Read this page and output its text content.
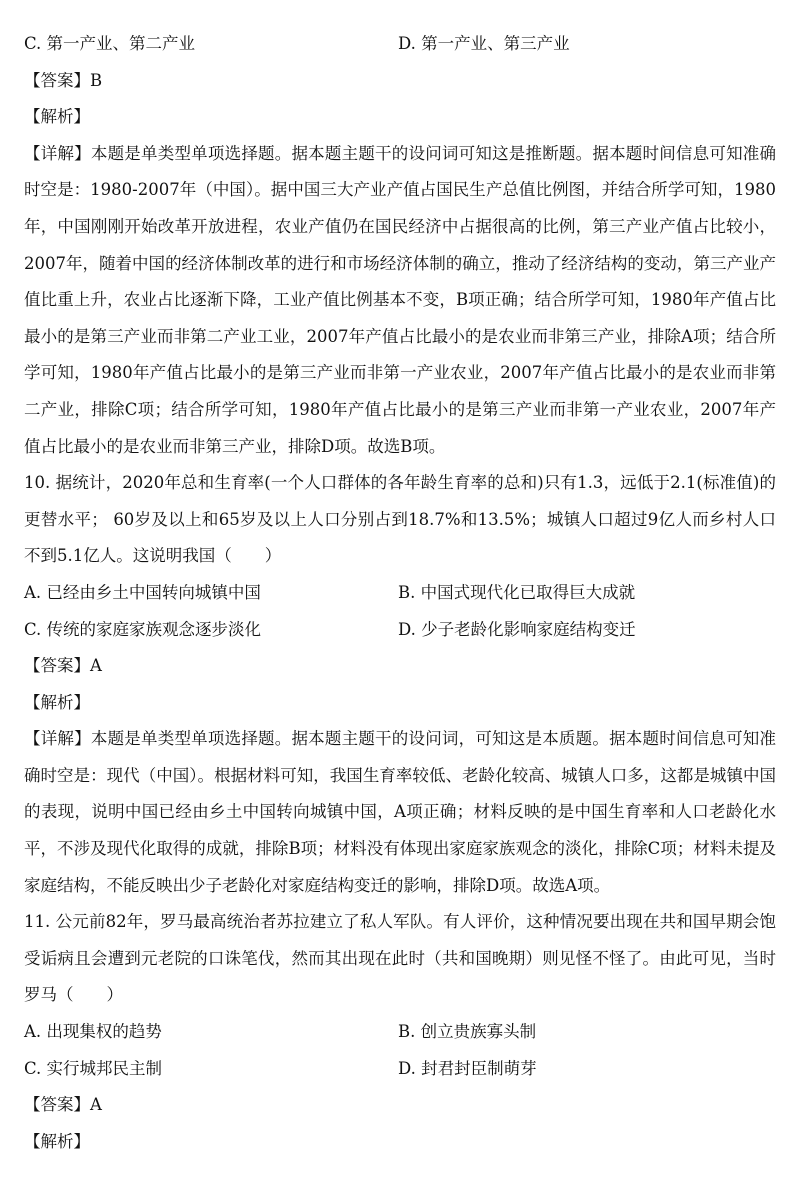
C. 第一产业、第二产业	D. 第一产业、第三产业
【答案】B
【解析】
【详解】本题是单类型单项选择题。据本题主题干的设问词可知这是推断题。据本题时间信息可知准确时空是：1980-2007年（中国）。据中国三大产业产值占国民生产总值比例图，并结合所学可知，1980年，中国刚刚开始改革开放进程，农业产值仍在国民经济中占据很高的比例，第三产业产值占比较小，2007年，随着中国的经济体制改革的进行和市场经济体制的确立，推动了经济结构的变动，第三产业产值比重上升，农业占比逐渐下降，工业产值比例基本不变，B项正确；结合所学可知，1980年产值占比最小的是第三产业而非第二产业工业，2007年产值占比最小的是农业而非第三产业，排除A项；结合所学可知，1980年产值占比最小的是第三产业而非第一产业农业，2007年产值占比最小的是农业而非第二产业，排除C项；结合所学可知，1980年产值占比最小的是第三产业而非第一产业农业，2007年产值占比最小的是农业而非第三产业，排除D项。故选B项。
10. 据统计，2020年总和生育率(一个人口群体的各年龄生育率的总和)只有1.3，远低于2.1(标准值)的更替水平； 60岁及以上和65岁及以上人口分别占到18.7%和13.5%；城镇人口超过9亿人而乡村人口不到5.1亿人。这说明我国（　　）
A. 已经由乡土中国转向城镇中国	B. 中国式现代化已取得巨大成就
C. 传统的家庭家族观念逐步淡化	D. 少子老龄化影响家庭结构变迁
【答案】A
【解析】
【详解】本题是单类型单项选择题。据本题主题干的设问词，可知这是本质题。据本题时间信息可知准确时空是：现代（中国）。根据材料可知，我国生育率较低、老龄化较高、城镇人口多，这都是城镇中国的表现，说明中国已经由乡土中国转向城镇中国，A项正确；材料反映的是中国生育率和人口老龄化水平，不涉及现代化取得的成就，排除B项；材料没有体现出家庭家族观念的淡化，排除C项；材料未提及家庭结构，不能反映出少子老龄化对家庭结构变迁的影响，排除D项。故选A项。
11. 公元前82年，罗马最高统治者苏拉建立了私人军队。有人评价，这种情况要出现在共和国早期会饱受诟病且会遭到元老院的口诛笔伐，然而其出现在此时（共和国晚期）则见怪不怪了。由此可见，当时罗马（　　）
A. 出现集权的趋势	B. 创立贵族寡头制
C. 实行城邦民主制	D. 封君封臣制萌芽
【答案】A
【解析】
